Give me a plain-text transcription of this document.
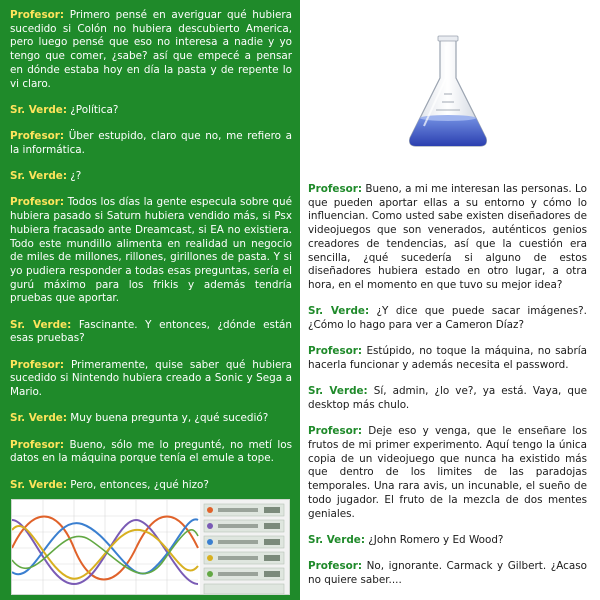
Profesor: Primero pensé en averiguar qué hubiera sucedido si Colón no hubiera descubierto America, pero luego pensé que eso no interesa a nadie y yo tengo que comer, ¿sabe? así que empecé a pensar en dónde estaba hoy en día la pasta y de repente lo vi claro.
Sr. Verde: ¿Política?
Profesor: Über estupido, claro que no, me refiero a la informática.
Sr. Verde: ¿?
Profesor: Todos los días la gente especula sobre qué hubiera pasado si Saturn hubiera vendido más, si Psx hubiera fracasado ante Dreamcast, si EA no existiera. Todo este mundillo alimenta en realidad un negocio de miles de millones, rillones, girillones de pasta. Y si yo pudiera responder a todas esas preguntas, sería el gurú máximo para los frikis y además tendría pruebas que aportar.
Sr. Verde: Fascinante. Y entonces, ¿dónde están esas pruebas?
Profesor: Primeramente, quise saber qué hubiera sucedido si Nintendo hubiera creado a Sonic y Sega a Mario.
Sr. Verde: Muy buena pregunta y, ¿qué sucedió?
Profesor: Bueno, sólo me lo pregunté, no metí los datos en la máquina porque tenía el emule a tope.
Sr. Verde: Pero, entonces, ¿qué hizo?
Profesor: Bueno, a mi me interesan las personas. Lo que pueden aportar ellas a su entorno y cómo lo influencian. Como usted sabe existen diseñadores de videojuegos que son venerados, auténticos genios creadores de tendencias, así que la cuestión era sencilla, ¿qué sucedería si alguno de estos diseñadores hubiera estado en otro lugar, a otra hora, en el momento en que tuvo su mejor idea?
Sr. Verde: ¿Y dice que puede sacar imágenes?. ¿Cómo lo hago para ver a Cameron Díaz?
Profesor: Estúpido, no toque la máquina, no sabría hacerla funcionar y además necesita el password.
Sr. Verde: Sí, admin, ¿lo ve?, ya está. Vaya, que desktop más chulo.
Profesor: Deje eso y venga, que le enseñare los frutos de mi primer experimento. Aquí tengo la única copia de un videojuego que nunca ha existido más que dentro de los limites de las paradojas temporales. Una rara avis, un incunable, el sueño de todo jugador. El fruto de la mezcla de dos mentes geniales.
Sr. Verde: ¿John Romero y Ed Wood?
Profesor: No, ignorante. Carmack y Gilbert. ¿Acaso no quiere saber....
